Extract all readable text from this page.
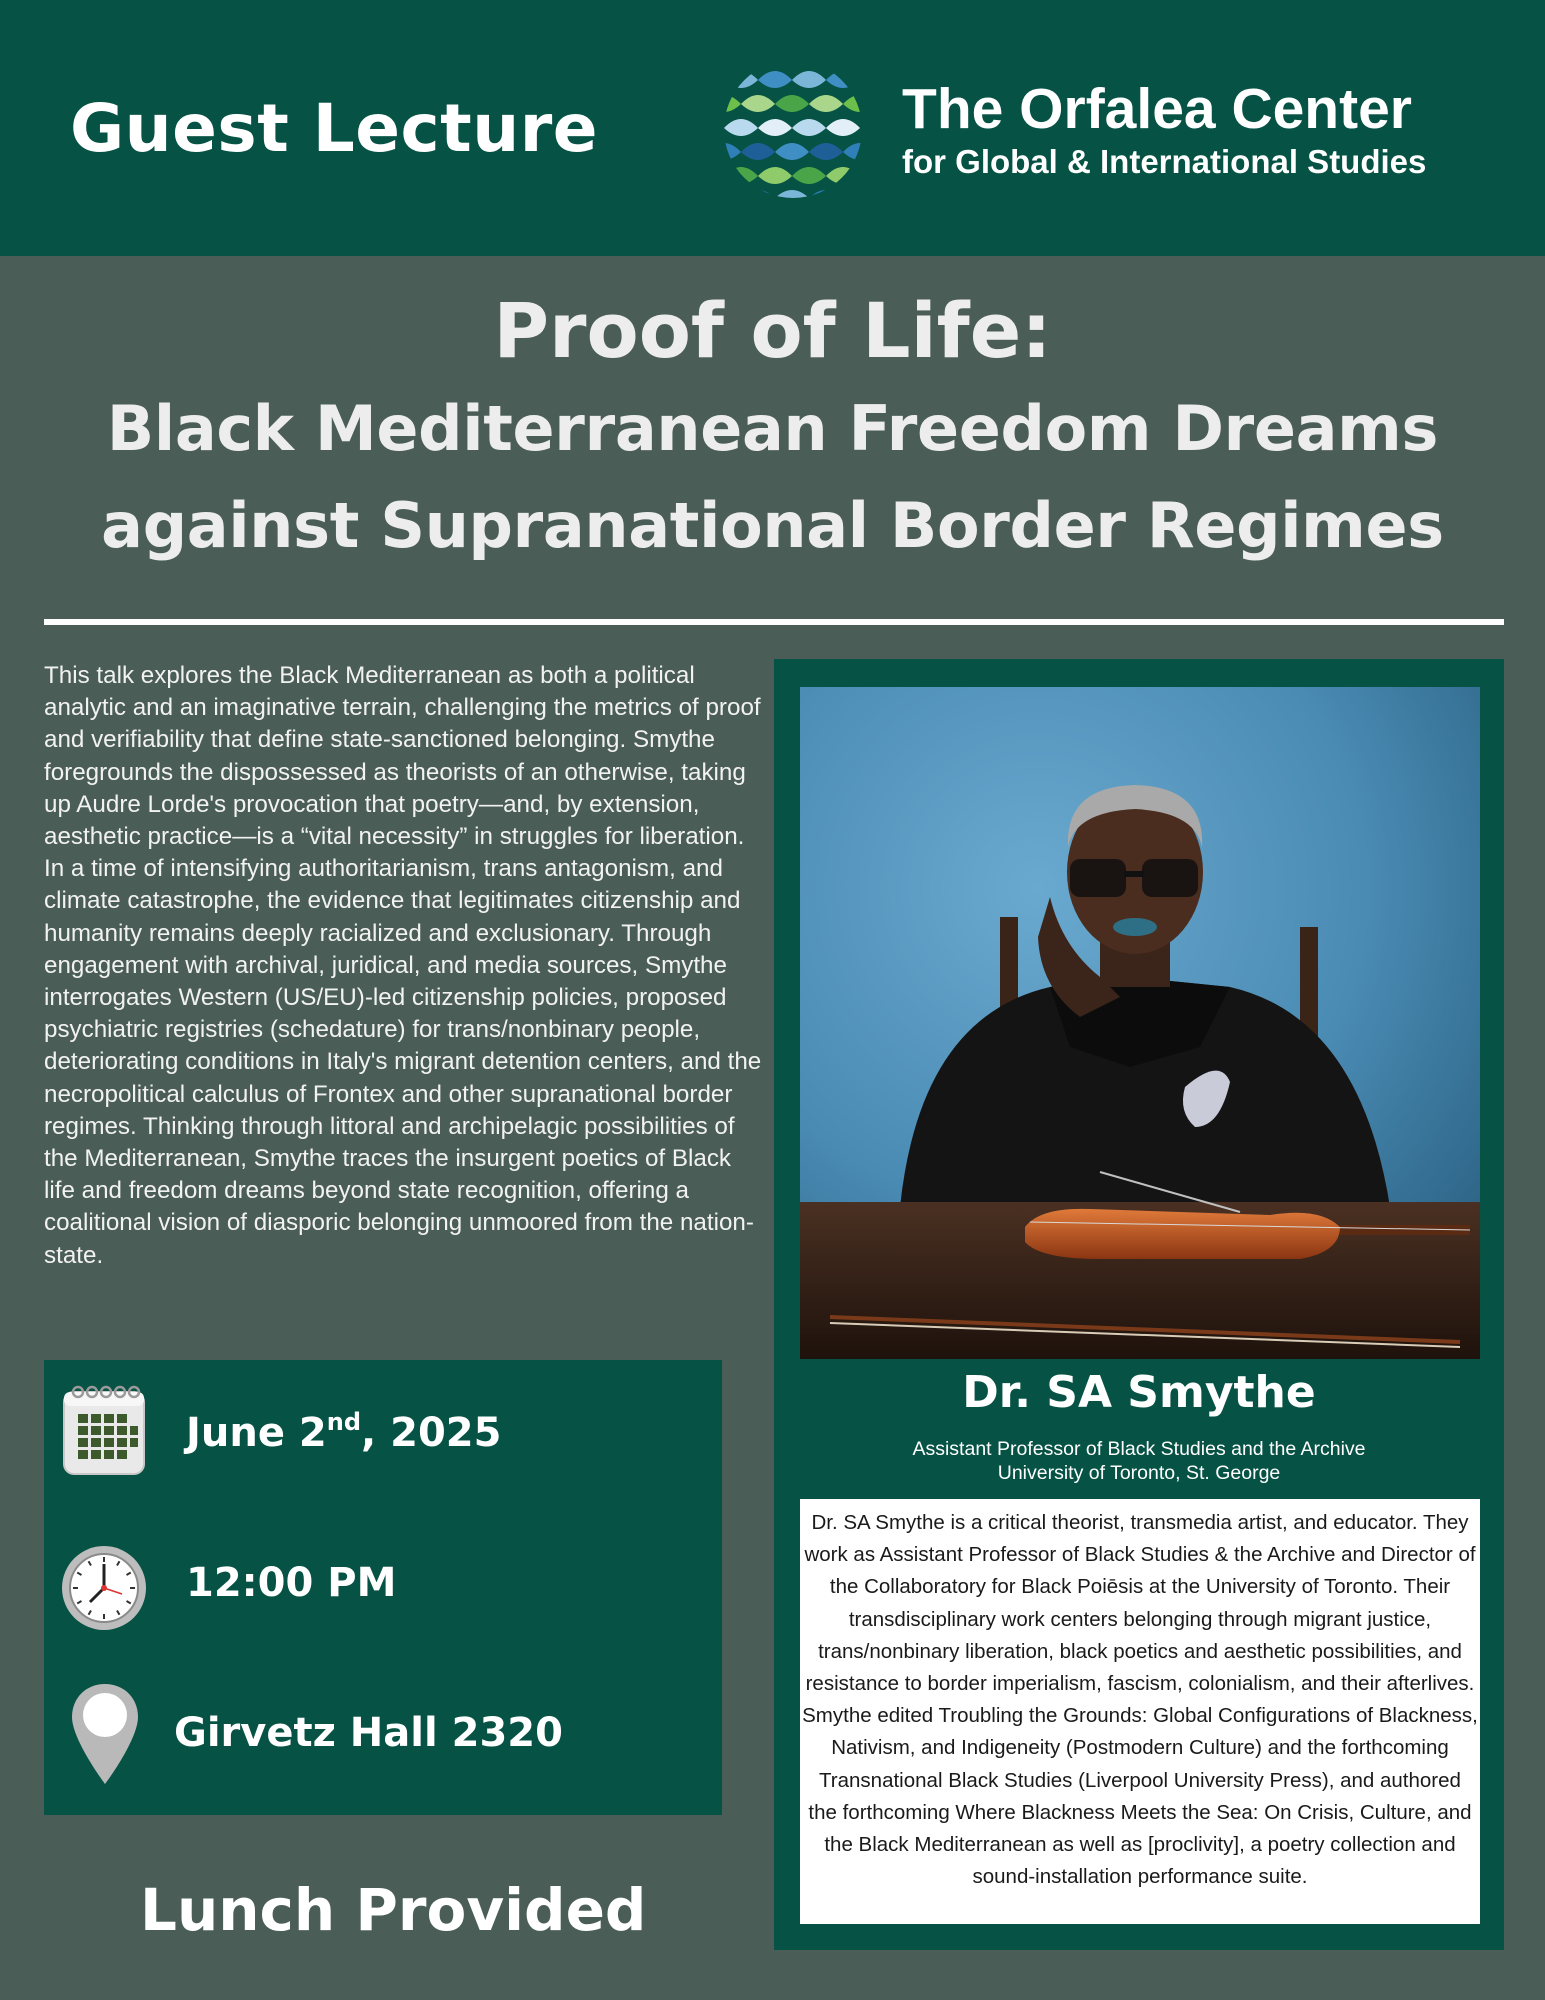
Guest Lecture	The Orfalea Center
for Global & International Studies
Proof of Life:
Black Mediterranean Freedom Dreams
against Supranational Border Regimes
This talk explores the Black Mediterranean as both a political analytic and an imaginative terrain, challenging the metrics of proof and verifiability that define state-sanctioned belonging. Smythe foregrounds the dispossessed as theorists of an otherwise, taking up Audre Lorde's provocation that poetry—and, by extension, aesthetic practice—is a “vital necessity” in struggles for liberation. In a time of intensifying authoritarianism, trans antagonism, and climate catastrophe, the evidence that legitimates citizenship and humanity remains deeply racialized and exclusionary. Through engagement with archival, juridical, and media sources, Smythe interrogates Western (US/EU)-led citizenship policies, proposed psychiatric registries (schedature) for trans/nonbinary people, deteriorating conditions in Italy's migrant detention centers, and the necropolitical calculus of Frontex and other supranational border regimes. Thinking through littoral and archipelagic possibilities of the Mediterranean, Smythe traces the insurgent poetics of Black life and freedom dreams beyond state recognition, offering a coalitional vision of diasporic belonging unmoored from the nation-state.
June 2nd, 2025
12:00 PM
Girvetz Hall 2320
Lunch Provided
Dr. SA Smythe
Assistant Professor of Black Studies and the Archive
University of Toronto, St. George
Dr. SA Smythe is a critical theorist, transmedia artist, and educator. They work as Assistant Professor of Black Studies & the Archive and Director of the Collaboratory for Black Poiēsis at the University of Toronto. Their transdisciplinary work centers belonging through migrant justice, trans/nonbinary liberation, black poetics and aesthetic possibilities, and resistance to border imperialism, fascism, colonialism, and their afterlives. Smythe edited Troubling the Grounds: Global Configurations of Blackness, Nativism, and Indigeneity (Postmodern Culture) and the forthcoming Transnational Black Studies (Liverpool University Press), and authored the forthcoming Where Blackness Meets the Sea: On Crisis, Culture, and the Black Mediterranean as well as [proclivity], a poetry collection and sound-installation performance suite.
